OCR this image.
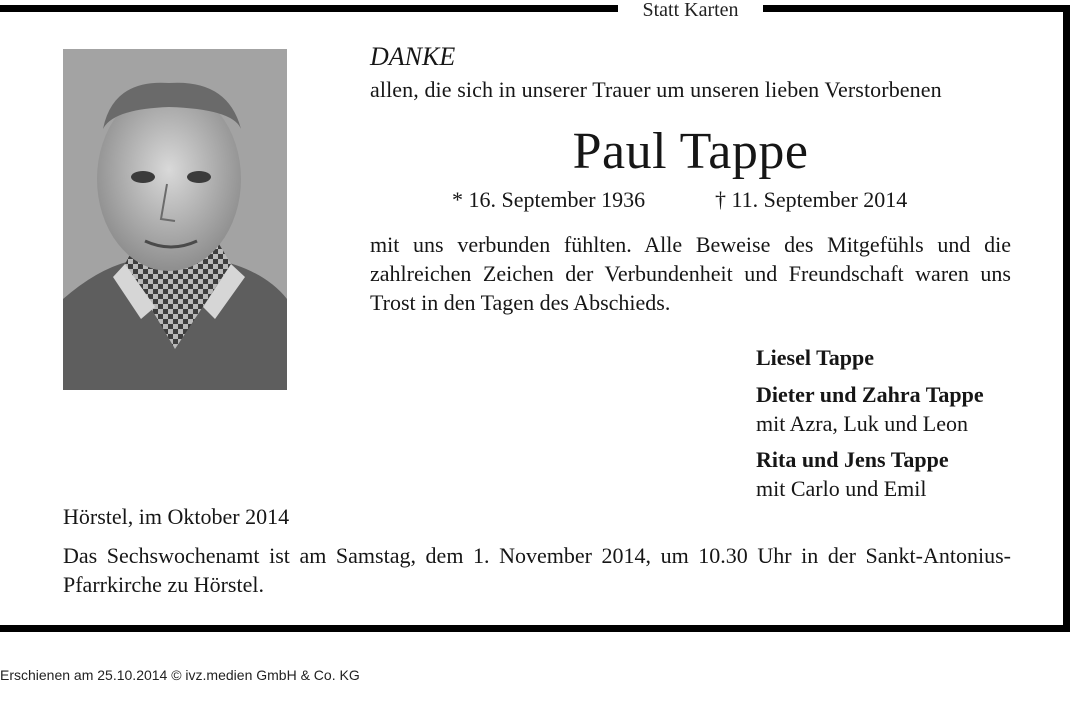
Statt Karten
DANKE
allen, die sich in unserer Trauer um unseren lieben Verstorbenen
Paul Tappe
* 16. September 1936	† 11. September 2014
mit uns verbunden fühlten. Alle Beweise des Mitgefühls und die zahlreichen Zeichen der Verbundenheit und Freundschaft waren uns Trost in den Tagen des Abschieds.
Liesel Tappe
Dieter und Zahra Tappe
mit Azra, Luk und Leon
Rita und Jens Tappe
mit Carlo und Emil
Hörstel, im Oktober 2014
Das Sechswochenamt ist am Samstag, dem 1. November 2014, um 10.30 Uhr in der Sankt-Antonius-Pfarrkirche zu Hörstel.
Erschienen am 25.10.2014 © ivz.medien GmbH & Co. KG
